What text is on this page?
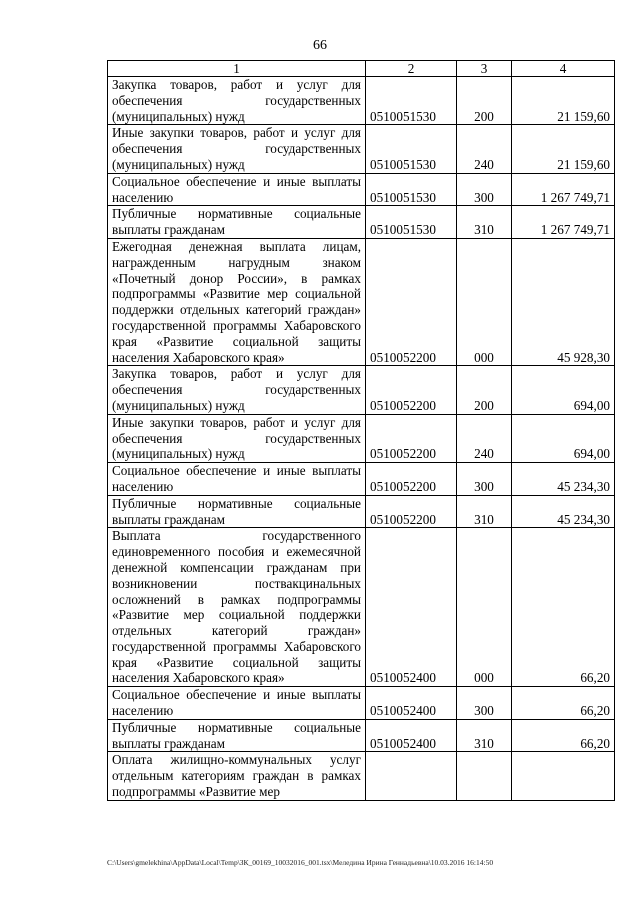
66
1	2	3	4
Закупка товаров, работ и услуг для обеспечения государственных (муниципальных) нужд	0510051530	200	21 159,60
Иные закупки товаров, работ и услуг для обеспечения государственных (муниципальных) нужд	0510051530	240	21 159,60
Социальное обеспечение и иные выплаты населению	0510051530	300	1 267 749,71
Публичные нормативные социальные выплаты гражданам	0510051530	310	1 267 749,71
Ежегодная денежная выплата лицам, награжденным нагрудным знаком «Почетный донор России», в рамках подпрограммы «Развитие мер социальной поддержки отдельных категорий граждан» государственной программы Хабаровского края «Развитие социальной защиты населения Хабаровского края»	0510052200	000	45 928,30
Закупка товаров, работ и услуг для обеспечения государственных (муниципальных) нужд	0510052200	200	694,00
Иные закупки товаров, работ и услуг для обеспечения государственных (муниципальных) нужд	0510052200	240	694,00
Социальное обеспечение и иные выплаты населению	0510052200	300	45 234,30
Публичные нормативные социальные выплаты гражданам	0510052200	310	45 234,30
Выплата государственного единовременного пособия и ежемесячной денежной компенсации гражданам при возникновении поствакцинальных осложнений в рамках подпрограммы «Развитие мер социальной поддержки отдельных категорий граждан» государственной программы Хабаровского края «Развитие социальной защиты населения Хабаровского края»	0510052400	000	66,20
Социальное обеспечение и иные выплаты населению	0510052400	300	66,20
Публичные нормативные социальные выплаты гражданам	0510052400	310	66,20
Оплата жилищно-коммунальных услуг отдельным категориям граждан в рамках подпрограммы «Развитие мер			
C:\Users\gmelekhina\AppData\Local\Temp\ЗК_00169_10032016_001.tsx\Меледина Ирина Геннадьевна\10.03.2016 16:14:50
